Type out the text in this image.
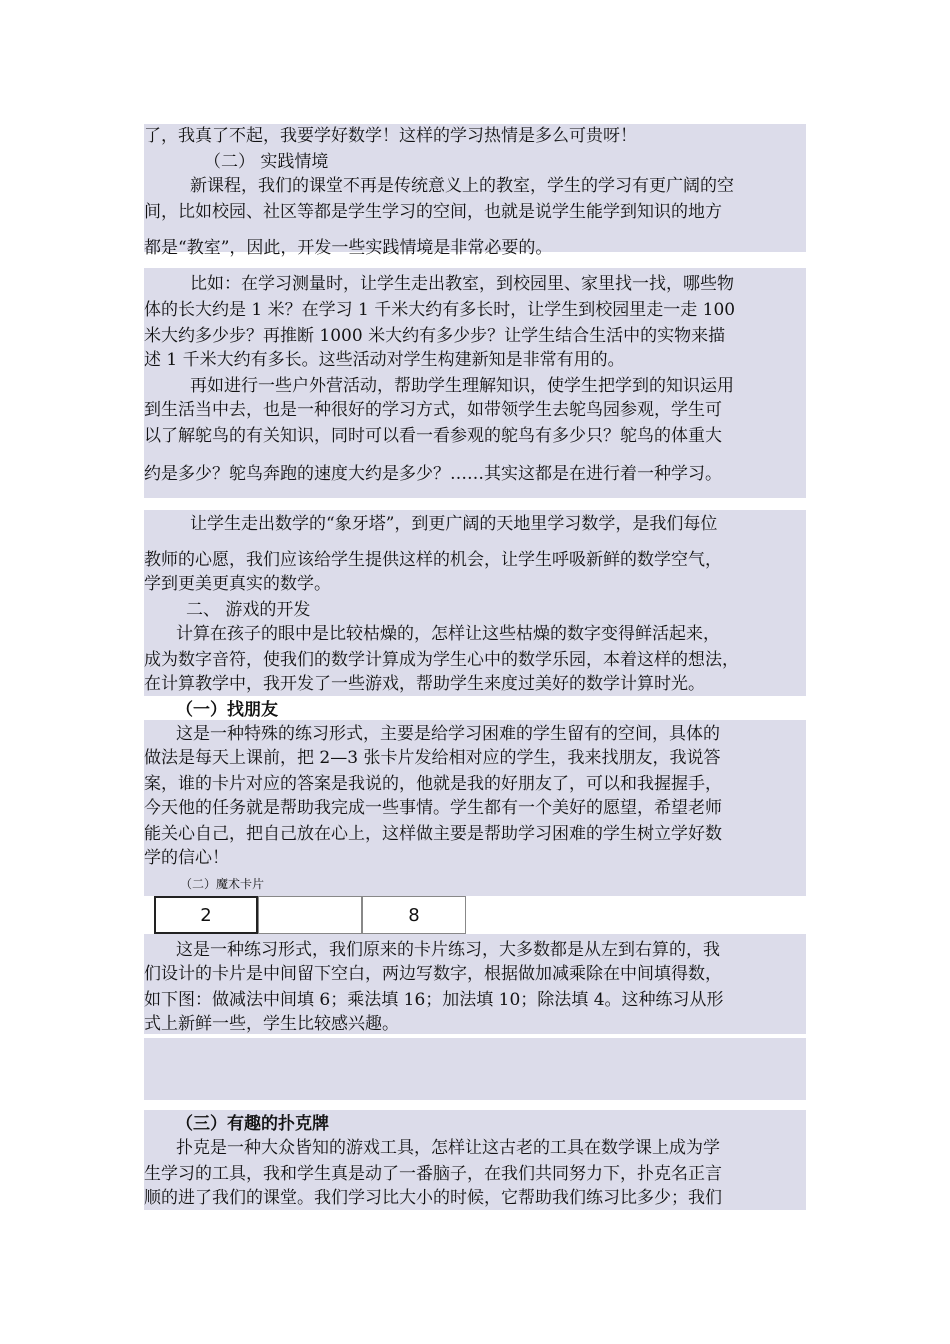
了，我真了不起，我要学好数学！这样的学习热情是多么可贵呀！
（二） 实践情境
新课程，我们的课堂不再是传统意义上的教室，学生的学习有更广阔的空
间，比如校园、社区等都是学生学习的空间，也就是说学生能学到知识的地方
都是“教室”，因此，开发一些实践情境是非常必要的。
比如：在学习测量时，让学生走出教室，到校园里、家里找一找，哪些物
体的长大约是 1 米？在学习 1 千米大约有多长时，让学生到校园里走一走 100
米大约多少步？再推断 1000 米大约有多少步？让学生结合生活中的实物来描
述 1 千米大约有多长。这些活动对学生构建新知是非常有用的。
再如进行一些户外营活动，帮助学生理解知识，使学生把学到的知识运用
到生活当中去，也是一种很好的学习方式，如带领学生去鸵鸟园参观，学生可
以了解鸵鸟的有关知识，同时可以看一看参观的鸵鸟有多少只？鸵鸟的体重大
约是多少？鸵鸟奔跑的速度大约是多少？……其实这都是在进行着一种学习。
让学生走出数学的“象牙塔”，到更广阔的天地里学习数学，是我们每位
教师的心愿，我们应该给学生提供这样的机会，让学生呼吸新鲜的数学空气，
学到更美更真实的数学。
二、 游戏的开发
计算在孩子的眼中是比较枯燥的，怎样让这些枯燥的数字变得鲜活起来，
成为数字音符，使我们的数学计算成为学生心中的数学乐园，本着这样的想法，
在计算教学中，我开发了一些游戏，帮助学生来度过美好的数学计算时光。
（一）找朋友
这是一种特殊的练习形式，主要是给学习困难的学生留有的空间，具体的
做法是每天上课前，把 2—3 张卡片发给相对应的学生，我来找朋友，我说答
案，谁的卡片对应的答案是我说的，他就是我的好朋友了，可以和我握握手，
今天他的任务就是帮助我完成一些事情。学生都有一个美好的愿望，希望老师
能关心自己，把自己放在心上，这样做主要是帮助学习困难的学生树立学好数
学的信心！
（二）魔术卡片
2	8
这是一种练习形式，我们原来的卡片练习，大多数都是从左到右算的，我
们设计的卡片是中间留下空白，两边写数字，根据做加减乘除在中间填得数，
如下图：做减法中间填 6；乘法填 16；加法填 10；除法填 4。这种练习从形
式上新鲜一些，学生比较感兴趣。
（三）有趣的扑克牌
扑克是一种大众皆知的游戏工具，怎样让这古老的工具在数学课上成为学
生学习的工具，我和学生真是动了一番脑子，在我们共同努力下，扑克名正言
顺的进了我们的课堂。我们学习比大小的时候，它帮助我们练习比多少；我们
